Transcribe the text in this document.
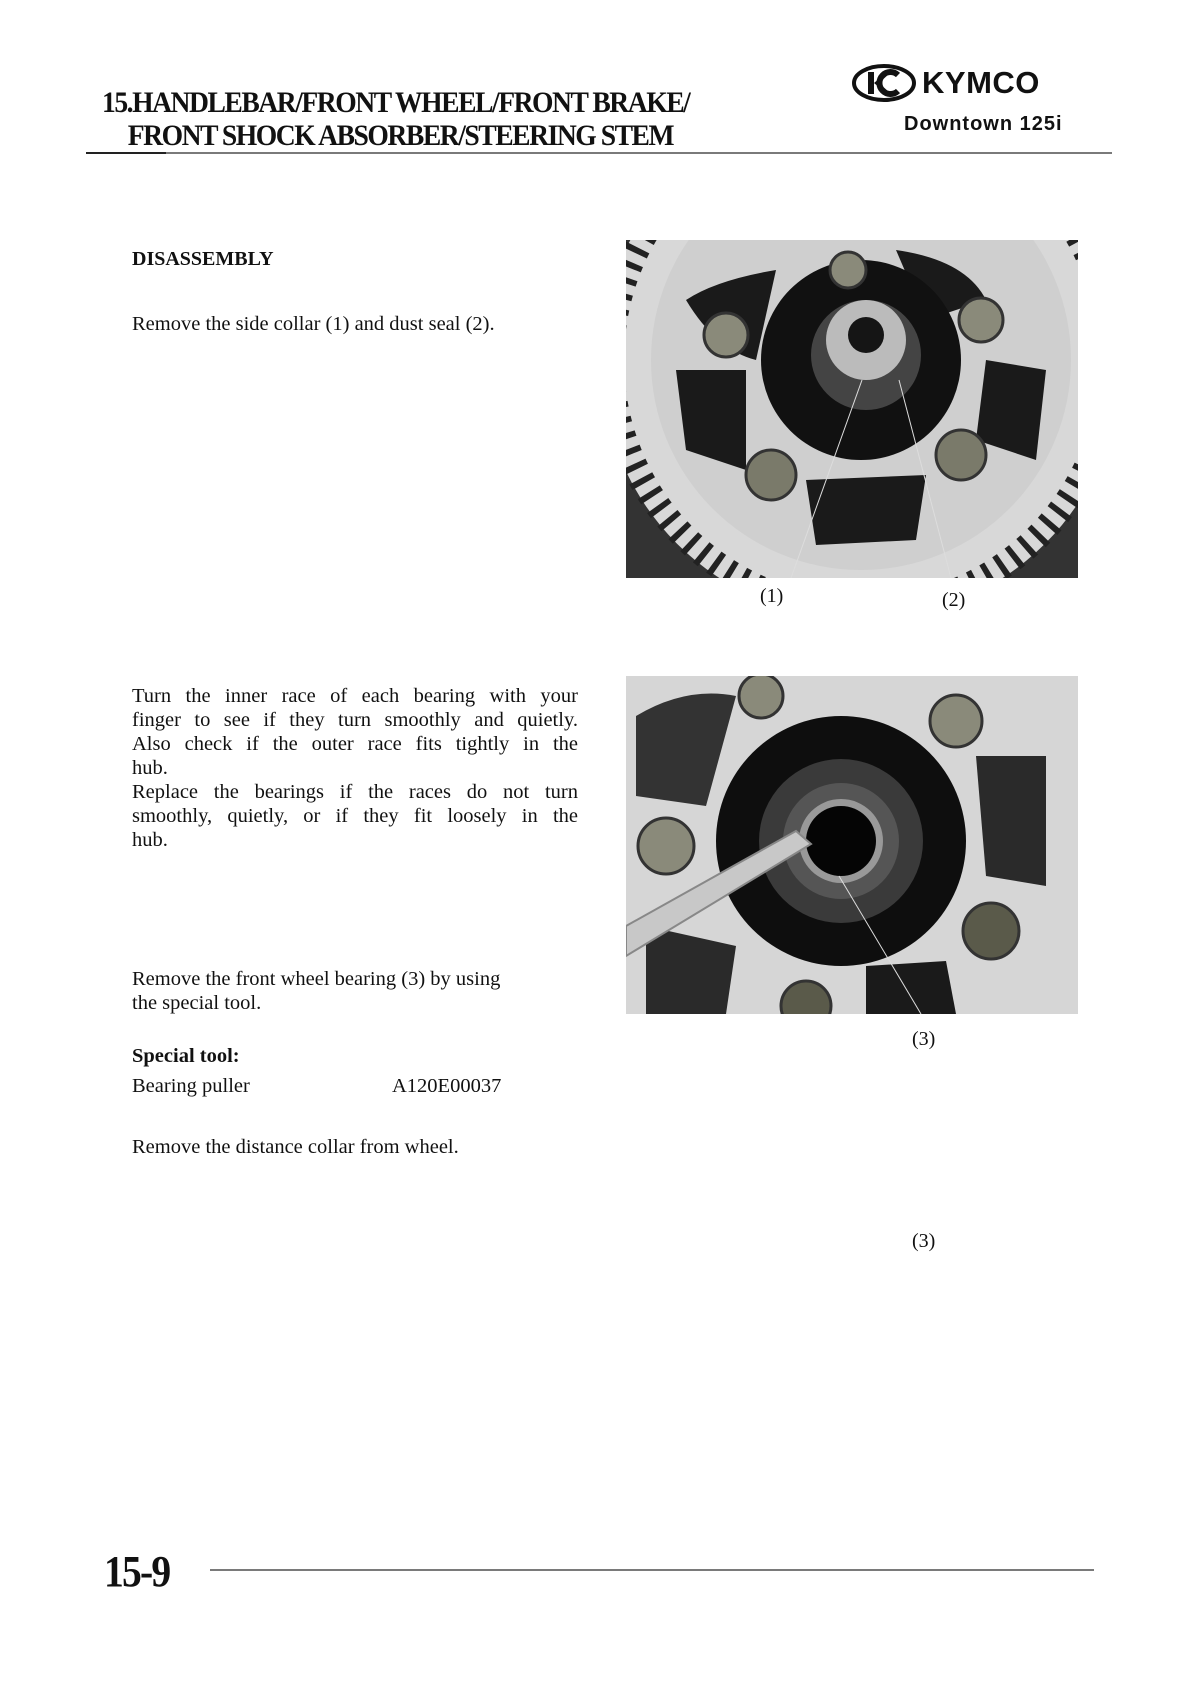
15.HANDLEBAR/FRONT WHEEL/FRONT BRAKE/
FRONT SHOCK ABSORBER/STEERING STEM
KYMCO
Downtown 125i
DISASSEMBLY
Remove the side collar (1) and dust seal (2).
Turn the inner race of each bearing with your
finger to see if they turn smoothly and quietly.
Also check if the outer race fits tightly in the
hub.
Replace the bearings if the races do not turn
smoothly, quietly, or if they fit loosely in the
hub.
Remove the front wheel bearing (3) by using
the special tool.
Special tool:
Bearing puller	A120E00037
Remove the distance collar from wheel.
(1)	(2)
(3)
(3)
15-9
